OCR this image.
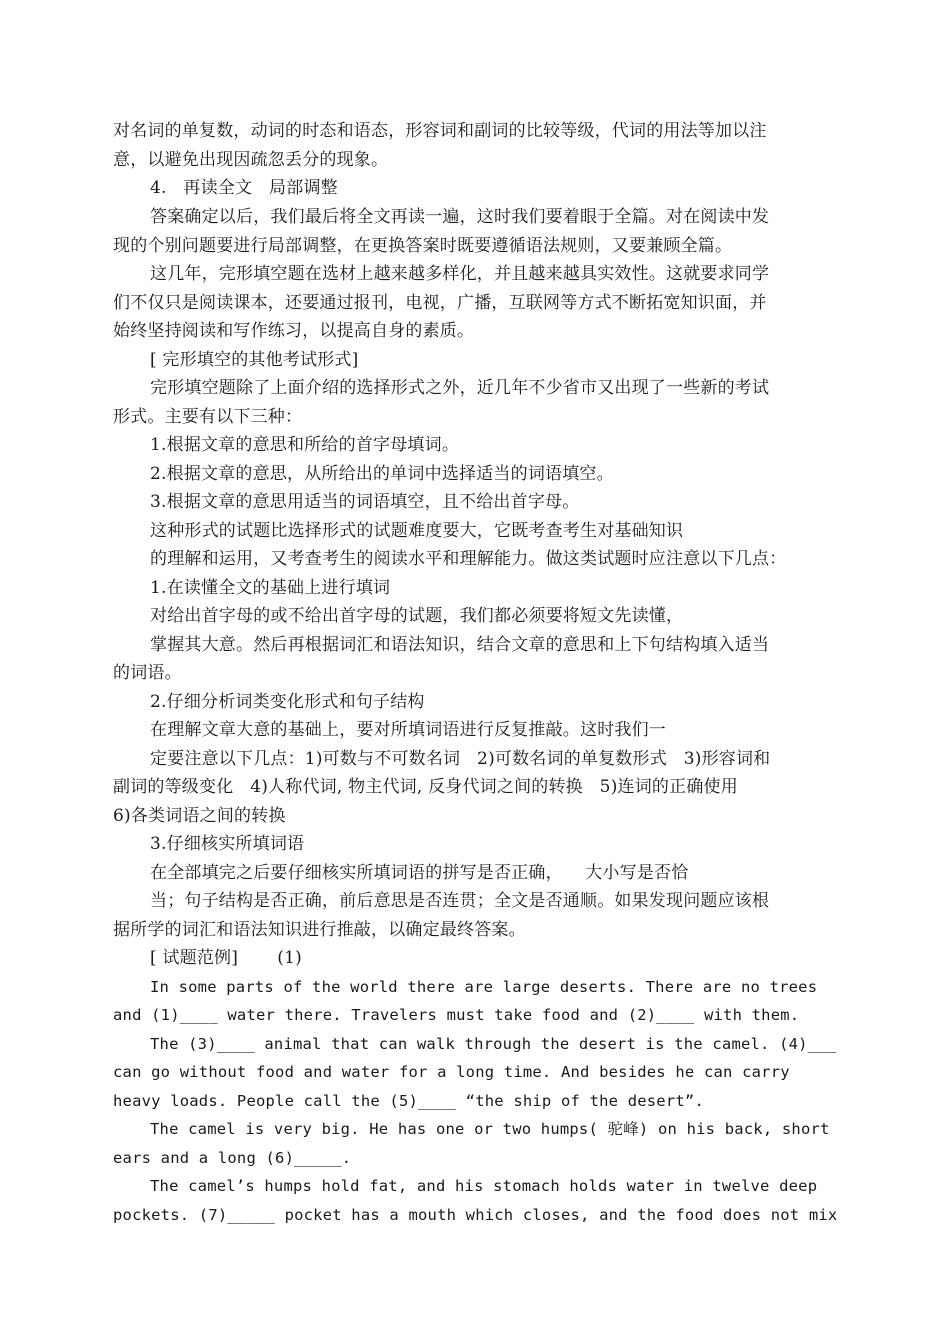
对名词的单复数，动词的时态和语态，形容词和副词的比较等级，代词的用法等加以注
意，以避免出现因疏忽丢分的现象。
4.   再读全文   局部调整
答案确定以后，我们最后将全文再读一遍，这时我们要着眼于全篇。对在阅读中发
现的个别问题要进行局部调整，在更换答案时既要遵循语法规则，又要兼顾全篇。
这几年，完形填空题在选材上越来越多样化，并且越来越具实效性。这就要求同学
们不仅只是阅读课本，还要通过报刊，电视，广播，互联网等方式不断拓宽知识面，并
始终坚持阅读和写作练习，以提高自身的素质。
[ 完形填空的其他考试形式]
完形填空题除了上面介绍的选择形式之外，近几年不少省市又出现了一些新的考试
形式。主要有以下三种：
1.根据文章的意思和所给的首字母填词。
2.根据文章的意思，从所给出的单词中选择适当的词语填空。
3.根据文章的意思用适当的词语填空，且不给出首字母。
这种形式的试题比选择形式的试题难度要大，它既考查考生对基础知识
的理解和运用，又考查考生的阅读水平和理解能力。做这类试题时应注意以下几点：
1.在读懂全文的基础上进行填词
对给出首字母的或不给出首字母的试题，我们都必须要将短文先读懂，
掌握其大意。然后再根据词汇和语法知识，结合文章的意思和上下句结构填入适当
的词语。
2.仔细分析词类变化形式和句子结构
在理解文章大意的基础上，要对所填词语进行反复推敲。这时我们一
定要注意以下几点：1)可数与不可数名词   2)可数名词的单复数形式   3)形容词和
副词的等级变化   4)人称代词, 物主代词, 反身代词之间的转换   5)连词的正确使用
6)各类词语之间的转换
3.仔细核实所填词语
在全部填完之后要仔细核实所填词语的拼写是否正确，    大小写是否恰
当；句子结构是否正确，前后意思是否连贯；全文是否通顺。如果发现问题应该根
据所学的词汇和语法知识进行推敲，以确定最终答案。
[ 试题范例]       (1)
In some parts of the world there are large deserts. There are no trees
and (1)____ water there. Travelers must take food and (2)____ with them.
The (3)____ animal that can walk through the desert is the camel. (4)___
can go without food and water for a long time. And besides he can carry
heavy loads. People call the (5)____ “the ship of the desert”.
The camel is very big. He has one or two humps( 驼峰) on his back, short
ears and a long (6)_____.
The camel’s humps hold fat, and his stomach holds water in twelve deep
pockets. (7)_____ pocket has a mouth which closes, and the food does not mix
